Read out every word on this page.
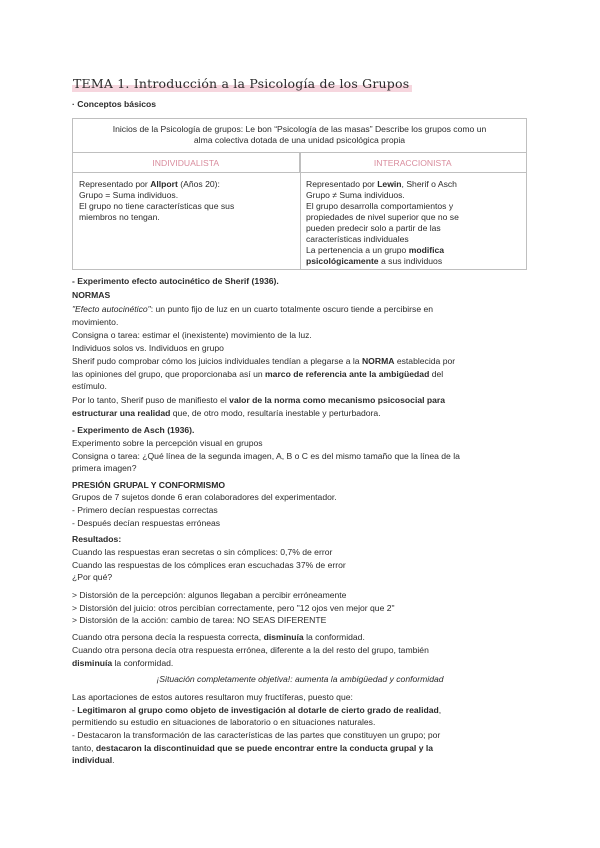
TEMA 1. Introducción a la Psicología de los Grupos
· Conceptos básicos
Inicios de la Psicología de grupos: Le bon “Psicología de las masas” Describe los grupos como un
alma colectiva dotada de una unidad psicológica propia
INDIVIDUALISTA	INTERACCIONISTA
Representado por Allport (Años 20):
Grupo = Suma individuos.
El grupo no tiene características que sus
miembros no tengan.
Representado por Lewin, Sherif o Asch
Grupo ≠ Suma individuos.
El grupo desarrolla comportamientos y
propiedades de nivel superior que no se
pueden predecir solo a partir de las
características individuales
La pertenencia a un grupo modifica
psicológicamente a sus individuos
- Experimento efecto autocinético de Sherif (1936).
NORMAS
"Efecto autocinético": un punto fijo de luz en un cuarto totalmente oscuro tiende a percibirse en
movimiento.
Consigna o tarea: estimar el (inexistente) movimiento de la luz.
Individuos solos vs. Individuos en grupo
Sherif pudo comprobar cómo los juicios individuales tendían a plegarse a la NORMA establecida por
las opiniones del grupo, que proporcionaba así un marco de referencia ante la ambigüedad del
estímulo.
Por lo tanto, Sherif puso de manifiesto el valor de la norma como mecanismo psicosocial para
estructurar una realidad que, de otro modo, resultaría inestable y perturbadora.
- Experimento de Asch (1936).
Experimento sobre la percepción visual en grupos
Consigna o tarea: ¿Qué línea de la segunda imagen, A, B o C es del mismo tamaño que la línea de la
primera imagen?
PRESIÓN GRUPAL Y CONFORMISMO
Grupos de 7 sujetos donde 6 eran colaboradores del experimentador.
- Primero decían respuestas correctas
- Después decían respuestas erróneas
Resultados:
Cuando las respuestas eran secretas o sin cómplices: 0,7% de error
Cuando las respuestas de los cómplices eran escuchadas 37% de error
¿Por qué?
> Distorsión de la percepción: algunos llegaban a percibir erróneamente
> Distorsión del juicio: otros percibían correctamente, pero "12 ojos ven mejor que 2"
> Distorsión de la acción: cambio de tarea: NO SEAS DIFERENTE
Cuando otra persona decía la respuesta correcta, disminuía la conformidad.
Cuando otra persona decía otra respuesta errónea, diferente a la del resto del grupo, también
disminuía la conformidad.
¡Situación completamente objetiva!: aumenta la ambigüedad y conformidad
Las aportaciones de estos autores resultaron muy fructíferas, puesto que:
- Legitimaron al grupo como objeto de investigación al dotarle de cierto grado de realidad,
permitiendo su estudio en situaciones de laboratorio o en situaciones naturales.
- Destacaron la transformación de las características de las partes que constituyen un grupo; por
tanto, destacaron la discontinuidad que se puede encontrar entre la conducta grupal y la
individual.
